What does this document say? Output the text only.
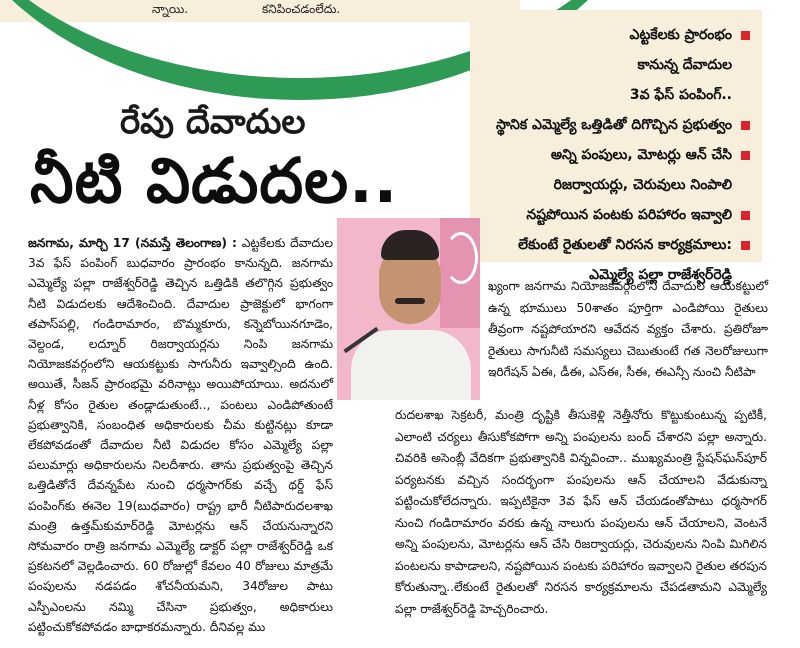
న్నాయి.	కనిపించడంలేదు.
ఎట్టకేలకు ప్రారంభం
కానున్న దేవాదుల
3వ ఫేస్ పంపింగ్..
స్థానిక ఎమ్మెల్యే ఒత్తిడితో దిగొచ్చిన ప్రభుత్వం
అన్ని పంపులు, మోటర్లు ఆన్ చేసి
రిజర్వాయర్లు, చెరువులు నింపాలి
నష్టపోయిన పంటకు పరిహారం ఇవ్వాలి
లేకుంటే రైతులతో నిరసన కార్యక్రమాలు:
ఎమ్మెల్యే పల్లా రాజేశ్వర్‌రెడ్డి
రేపు దేవాదుల
నీటి విడుదల..

జనగామ, మార్చి 17 (నమస్తే తెలంగాణ) : ఎట్టకేలకు దేవాదుల 3వ ఫేస్ పంపింగ్ బుధవారం ప్రారంభం కానున్నది. జనగామ ఎమ్మెల్యే పల్లా రాజేశ్వర్‌రెడ్డి తెచ్చిన ఒత్తిడికి తలొగ్గిన ప్రభుత్వం నీటి విడుదలకు ఆదేశించింది. దేవాదుల ప్రాజెక్టులో భాగంగా తపాస్‌పల్లి, గండిరామారం, బొమ్మకూరు, కన్నెబోయినగూడెం, వెల్దండ, లద్నూర్ రిజర్వాయర్లను నింపి జనగామ నియోజకవర్గంలోని ఆయకట్టుకు సాగునీరు ఇవ్వాల్సింది ఉంది. అయితే, సీజన్ ప్రారంభమై వరినాట్లు అయిపోయాయి. అదనులో నీళ్ల కోసం రైతుల తండ్లాడుతుంటే.., పంటలు ఎండిపోతుంటే ప్రభుత్వానికి, సంబంధిత అధికారులకు చీమ కుట్టినట్లు కూడా లేకపోవడంతో దేవాదుల నీటి విడుదల కోసం ఎమ్మెల్యే పల్లా పలుమార్లు అధికారులను నిలదీశారు. తాను ప్రభుత్వంపై తెచ్చిన ఒత్తిడితోనే దేవన్నపేట నుంచి ధర్మసాగర్‌కు వచ్చే థర్డ్ ఫేస్ పంపింగ్‌కు ఈనెల 19(బుధవారం) రాష్ట్ర భారీ నీటిపారుదలశాఖ మంత్రి ఉత్తమ్‌కుమార్‌రెడ్డి మోటర్లను ఆన్ చేయనున్నారని సోమవారం రాత్రి జనగామ ఎమ్మెల్యే డాక్టర్ పల్లా రాజేశ్వర్‌రెడ్డి ఒక ప్రకటనలో వెల్లడించారు. 60 రోజుల్లో కేవలం 40 రోజులు మాత్రమే పంపులను నడపడం శోచనీయమని, 34రోజుల పాటు ఎస్పీఎంలను నమ్మి చేసినా ప్రభుత్వం, అధికారులు పట్టించుకోకపోవడం బాధాకరమన్నారు. దీనివల్ల ము

ఖ్యంగా జనగామ నియోజకవర్గంలోని దేవాదుల ఆయకట్టులో ఉన్న భూములు 50శాతం పూర్తిగా ఎండిపోయి రైతులు తీవ్రంగా నష్టపోయారని ఆవేదన వ్యక్తం చేశారు. ప్రతిరోజూ రైతులు సాగునీటి సమస్యలు చెబుతుంటే గత నెలరోజులుగా ఇరిగేషన్ ఏఈ, డీఈ, ఎస్ఈ, సీఈ, ఈఎన్సీ నుంచి నీటిపా
రుదలశాఖ సెక్రటరీ, మంత్రి దృష్టికి తీసుకెళ్లి నెత్తీనోరు కొట్టుకుంటున్న ప్పటికీ, ఎలాంటి చర్యలు తీసుకోకపోగా అన్ని పంపులను బంద్ చేశారని పల్లా అన్నారు. చివరికి అసెంబ్లీ వేదికగా ప్రభుత్వానికి విన్నవించా.. ముఖ్యమంత్రి స్టేషన్‌ఘన్‌పూర్ పర్యటనకు వచ్చిన సందర్భంగా పంపులను ఆన్ చేయాలని వేడుకున్నా పట్టించుకోలేదన్నారు. ఇప్పటికైనా 3వ ఫేస్ ఆన్ చేయడంతోపాటు ధర్మసాగర్ నుంచి గండిరామారం వరకు ఉన్న నాలుగు పంపులను ఆన్ చేయాలని, వెంటనే అన్ని పంపులను, మోటర్లను ఆన్ చేసి రిజర్వాయర్లు, చెరువులను నింపి మిగిలిన పంటలను కాపాడాలని, నష్టపోయిన పంటకు పరిహారం ఇవ్వాలని రైతుల తరపున కోరుతున్నా..లేకుంటే రైతులతో నిరసన కార్యక్రమాలను చేపడతామని ఎమ్మెల్యే పల్లా రాజేశ్వర్‌రెడ్డి హెచ్చరించారు.
